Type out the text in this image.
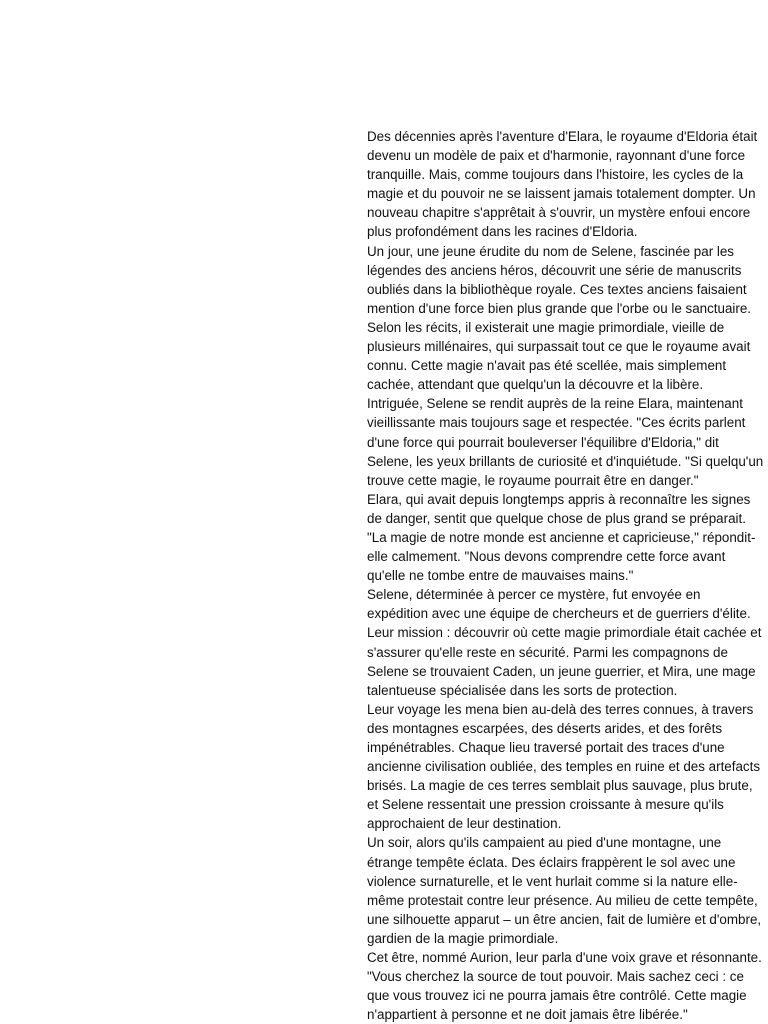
Des décennies après l'aventure d'Elara, le royaume d'Eldoria était devenu un modèle de paix et d'harmonie, rayonnant d'une force tranquille. Mais, comme toujours dans l'histoire, les cycles de la magie et du pouvoir ne se laissent jamais totalement dompter. Un nouveau chapitre s'apprêtait à s'ouvrir, un mystère enfoui encore plus profondément dans les racines d'Eldoria.

Un jour, une jeune érudite du nom de Selene, fascinée par les légendes des anciens héros, découvrit une série de manuscrits oubliés dans la bibliothèque royale. Ces textes anciens faisaient mention d'une force bien plus grande que l'orbe ou le sanctuaire. Selon les récits, il existerait une magie primordiale, vieille de plusieurs millénaires, qui surpassait tout ce que le royaume avait connu. Cette magie n'avait pas été scellée, mais simplement cachée, attendant que quelqu'un la découvre et la libère.

Intriguée, Selene se rendit auprès de la reine Elara, maintenant vieillissante mais toujours sage et respectée. "Ces écrits parlent d'une force qui pourrait bouleverser l'équilibre d'Eldoria," dit Selene, les yeux brillants de curiosité et d'inquiétude. "Si quelqu'un trouve cette magie, le royaume pourrait être en danger."

Elara, qui avait depuis longtemps appris à reconnaître les signes de danger, sentit que quelque chose de plus grand se préparait. "La magie de notre monde est ancienne et capricieuse," répondit-elle calmement. "Nous devons comprendre cette force avant qu'elle ne tombe entre de mauvaises mains."

Selene, déterminée à percer ce mystère, fut envoyée en expédition avec une équipe de chercheurs et de guerriers d'élite. Leur mission : découvrir où cette magie primordiale était cachée et s'assurer qu'elle reste en sécurité. Parmi les compagnons de Selene se trouvaient Caden, un jeune guerrier, et Mira, une mage talentueuse spécialisée dans les sorts de protection.

Leur voyage les mena bien au-delà des terres connues, à travers des montagnes escarpées, des déserts arides, et des forêts impénétrables. Chaque lieu traversé portait des traces d'une ancienne civilisation oubliée, des temples en ruine et des artefacts brisés. La magie de ces terres semblait plus sauvage, plus brute, et Selene ressentait une pression croissante à mesure qu'ils approchaient de leur destination.

Un soir, alors qu'ils campaient au pied d'une montagne, une étrange tempête éclata. Des éclairs frappèrent le sol avec une violence surnaturelle, et le vent hurlait comme si la nature elle-même protestait contre leur présence. Au milieu de cette tempête, une silhouette apparut – un être ancien, fait de lumière et d'ombre, gardien de la magie primordiale.

Cet être, nommé Aurion, leur parla d'une voix grave et résonnante. "Vous cherchez la source de tout pouvoir. Mais sachez ceci : ce que vous trouvez ici ne pourra jamais être contrôlé. Cette magie n'appartient à personne et ne doit jamais être libérée."
